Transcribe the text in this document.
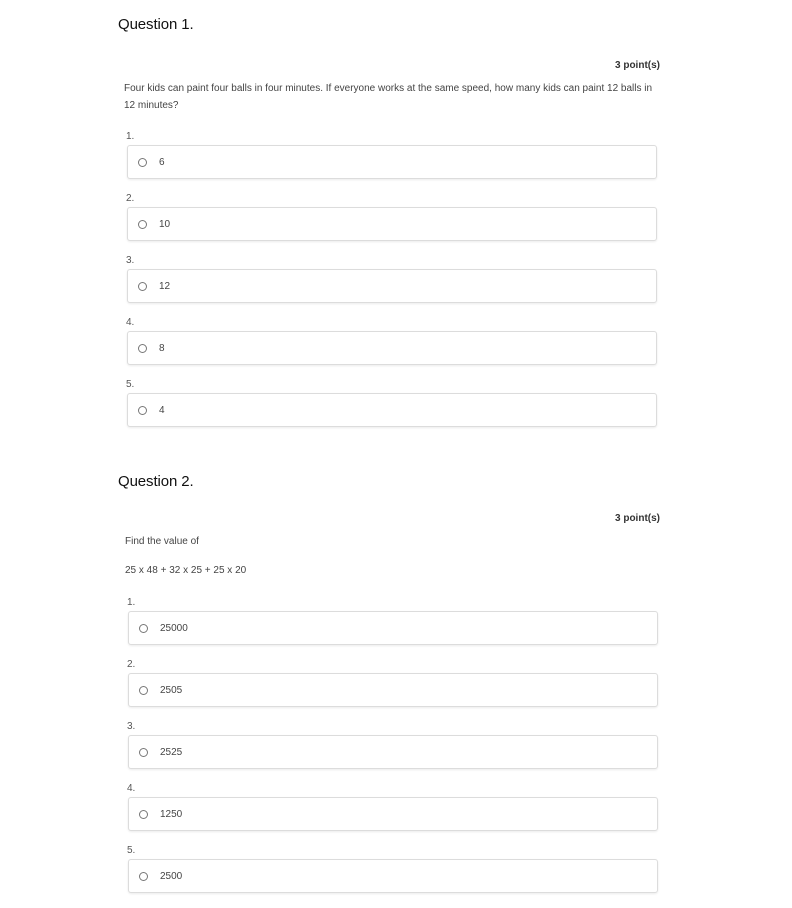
Question 1.
3 point(s)
Four kids can paint four balls in four minutes. If everyone works at the same speed, how many kids can paint 12 balls in 12 minutes?
1.
6
2.
10
3.
12
4.
8
5.
4
Question 2.
3 point(s)
Find the value of
25 x 48 + 32 x 25 + 25 x 20
1.
25000
2.
2505
3.
2525
4.
1250
5.
2500
